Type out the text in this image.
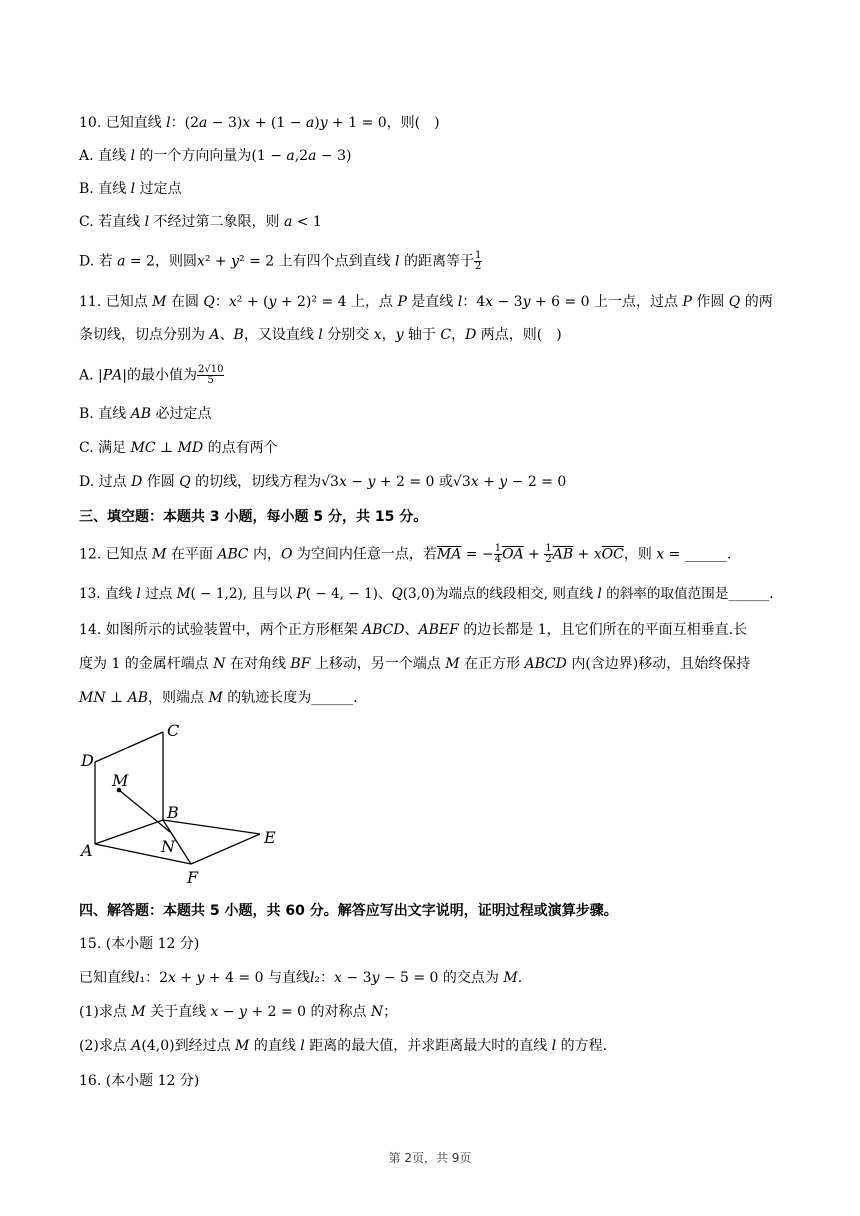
10. 已知直线 𝑙：(2𝑎 − 3)𝑥 + (1 − 𝑎)𝑦 + 1 = 0，则(　)
A. 直线 𝑙 的一个方向向量为(1 − 𝑎,2𝑎 − 3)
B. 直线 𝑙 过定点
C. 若直线 𝑙 不经过第二象限，则 𝑎 < 1
D. 若 𝑎 = 2，则圆𝑥² + 𝑦² = 2 上有四个点到直线 𝑙 的距离等于 $\frac{1}{2}$
11. 已知点 𝑀 在圆 𝑄：𝑥² + (𝑦 + 2)² = 4 上，点 𝑃 是直线 𝑙：4𝑥 − 3𝑦 + 6 = 0 上一点，过点 𝑃 作圆 𝑄 的两
条切线，切点分别为 𝐴、𝐵，又设直线 𝑙 分别交 𝑥，𝑦 轴于 𝐶，𝐷 两点，则(　)
A. |𝑃𝐴|的最小值为 $\frac{2√10}{5}$
B. 直线 𝐴𝐵 必过定点
C. 满足 𝑀𝐶 ⊥ 𝑀𝐷 的点有两个
D. 过点 𝐷 作圆 𝑄 的切线，切线方程为√3𝑥 − 𝑦 + 2 = 0 或√3𝑥 + 𝑦 − 2 = 0
三、填空题：本题共 3 小题，每小题 5 分，共 15 分。
12. 已知点 𝑀 在平面 𝐴𝐵𝐶 内，𝑂 为空间内任意一点，若𝑀𝐴 = − $\frac{1}{4}$ 𝑂𝐴 + $\frac{1}{2}$ 𝐴𝐵 + 𝑥𝑂𝐶，则 𝑥 = ______.
13. 直线 𝑙 过点 𝑀( − 1,2), 且与以 𝑃( − 4, − 1)、𝑄(3,0)为端点的线段相交, 则直线 𝑙 的斜率的取值范围是______.
14. 如图所示的试验装置中，两个正方形框架 𝐴𝐵𝐶𝐷、𝐴𝐵𝐸𝐹 的边长都是 1，且它们所在的平面互相垂直.长
度为 1 的金属杆端点 𝑁 在对角线 𝐵𝐹 上移动，另一个端点 𝑀 在正方形 𝐴𝐵𝐶𝐷 内(含边界)移动，且始终保持
𝑀𝑁 ⊥ 𝐴𝐵，则端点 𝑀 的轨迹长度为______.
D
C
M
B
A	N	E
F
四、解答题：本题共 5 小题，共 60 分。解答应写出文字说明，证明过程或演算步骤。
15. (本小题 12 分)
已知直线𝑙₁：2𝑥 + 𝑦 + 4 = 0 与直线𝑙₂：𝑥 − 3𝑦 − 5 = 0 的交点为 𝑀.
(1)求点 𝑀 关于直线 𝑥 − 𝑦 + 2 = 0 的对称点 𝑁；
(2)求点 𝐴(4,0)到经过点 𝑀 的直线 𝑙 距离的最大值，并求距离最大时的直线 𝑙 的方程.
16. (本小题 12 分)
第 2页，共 9页
